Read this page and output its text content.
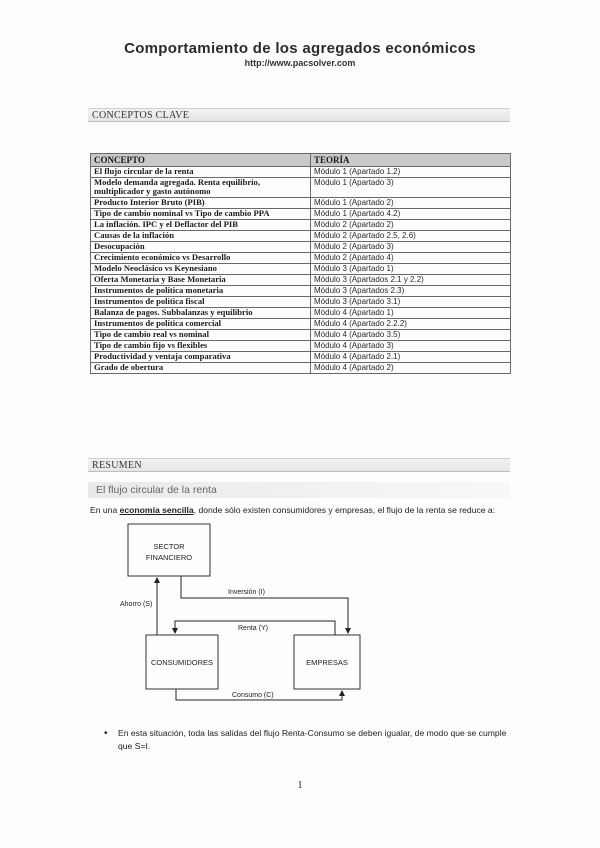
Comportamiento de los agregados económicos
http://www.pacsolver.com
CONCEPTOS CLAVE
CONCEPTO	TEORÍA
El flujo circular de la renta	Módulo 1 (Apartado 1.2)
Modelo demanda agregada. Renta equilibrio, multiplicador y gasto autónomo	Módulo 1 (Apartado 3)
Producto Interior Bruto (PIB)	Módulo 1 (Apartado 2)
Tipo de cambio nominal vs Tipo de cambio PPA	Módulo 1 (Apartado 4.2)
La inflación. IPC y el Deflactor del PIB	Módulo 2 (Apartado 2)
Causas de la inflación	Módulo 2 (Apartado 2.5, 2.6)
Desocupación	Módulo 2 (Apartado 3)
Crecimiento económico vs Desarrollo	Módulo 2 (Apartado 4)
Modelo Neoclásico vs Keynesiano	Módulo 3 (Apartado 1)
Oferta Monetaria y Base Monetaria	Módulo 3 (Apartados 2.1 y 2.2)
Instrumentos de política monetaria	Módulo 3 (Apartados 2.3)
Instrumentos de política fiscal	Módulo 3 (Apartado 3.1)
Balanza de pagos. Subbalanzas y equilibrio	Módulo 4 (Apartado 1)
Instrumentos de política comercial	Módulo 4 (Apartado 2.2.2)
Tipo de cambio real vs nominal	Módulo 4 (Apartado 3.5)
Tipo de cambio fijo vs flexibles	Módulo 4 (Apartado 3)
Productividad y ventaja comparativa	Módulo 4 (Apartado 2.1)
Grado de obertura	Módulo 4 (Apartado 2)
RESUMEN
El flujo circular de la renta
En una economía sencilla, donde sólo existen consumidores y empresas, el flujo de la renta se reduce a:
SECTOR
FINANCIERO
CONSUMIDORES	EMPRESAS
Ahorro (S)
Inversión (I)
Renta (Y)
Consumo (C)
• En esta situación, toda las salidas del flujo Renta-Consumo se deben igualar, de modo que se cumple que S=I.
1
